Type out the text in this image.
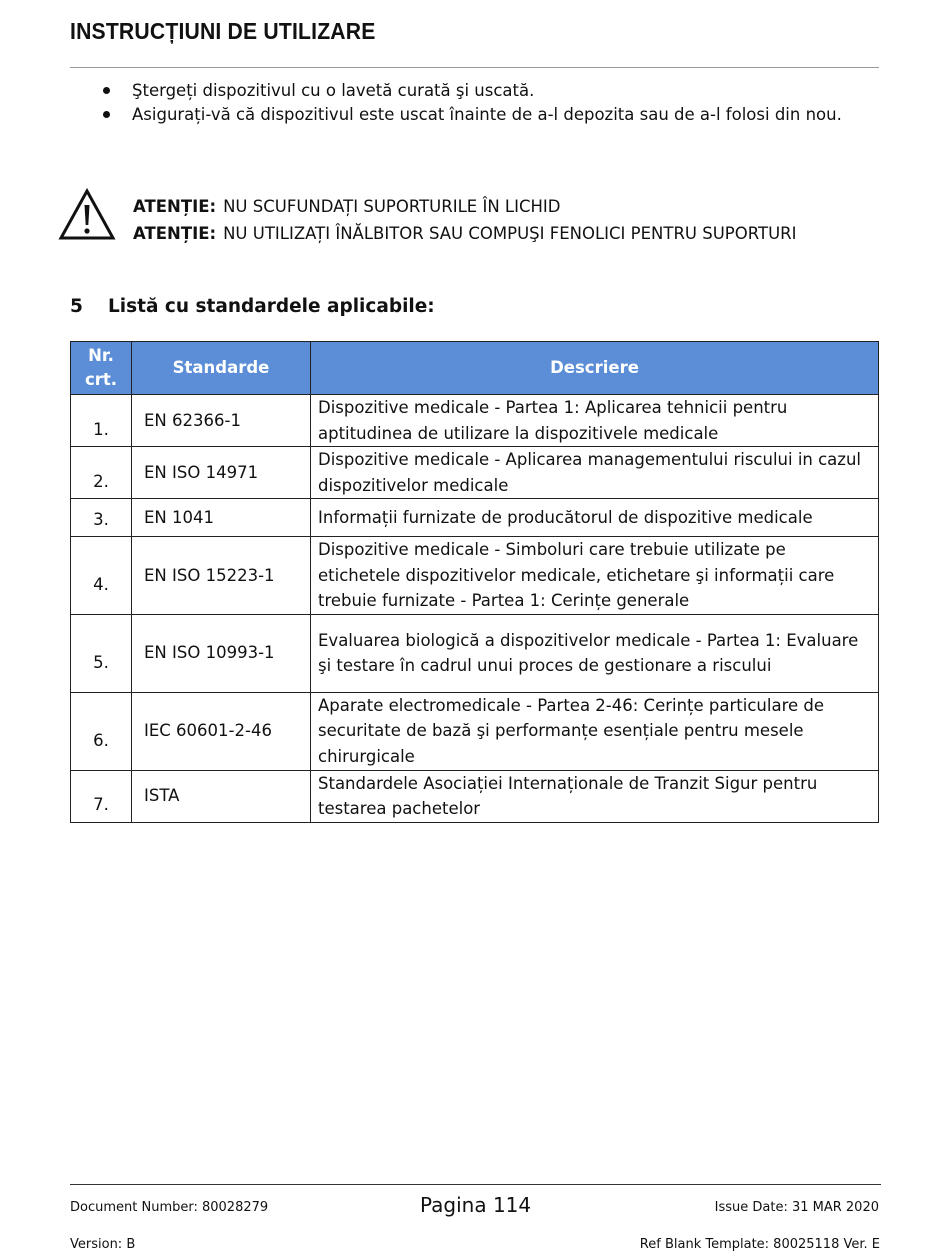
INSTRUCȚIUNI DE UTILIZARE
Ştergeți dispozitivul cu o lavetă curată şi uscată.
Asigurați-vă că dispozitivul este uscat înainte de a-l depozita sau de a-l folosi din nou.
ATENȚIE: NU SCUFUNDAȚI SUPORTURILE ÎN LICHID
ATENȚIE: NU UTILIZAȚI ÎNĂLBITOR SAU COMPUŞI FENOLICI PENTRU SUPORTURI
5 Listă cu standardele aplicabile:
Nr. crt.	Standarde	Descriere
1.	EN 62366-1	Dispozitive medicale - Partea 1: Aplicarea tehnicii pentru aptitudinea de utilizare la dispozitivele medicale
2.	EN ISO 14971	Dispozitive medicale - Aplicarea managementului riscului in cazul dispozitivelor medicale
3.	EN 1041	Informații furnizate de producătorul de dispozitive medicale
4.	EN ISO 15223-1	Dispozitive medicale - Simboluri care trebuie utilizate pe etichetele dispozitivelor medicale, etichetare şi informații care trebuie furnizate - Partea 1: Cerințe generale
5.	EN ISO 10993-1	Evaluarea biologică a dispozitivelor medicale - Partea 1: Evaluare şi testare în cadrul unui proces de gestionare a riscului
6.	IEC 60601-2-46	Aparate electromedicale - Partea 2-46: Cerințe particulare de securitate de bază şi performanțe esențiale pentru mesele chirurgicale
7.	ISTA	Standardele Asociației Internaționale de Tranzit Sigur pentru testarea pachetelor
Document Number: 80028279	Pagina 114	Issue Date: 31 MAR 2020
Version: B	Ref Blank Template: 80025118 Ver. E
